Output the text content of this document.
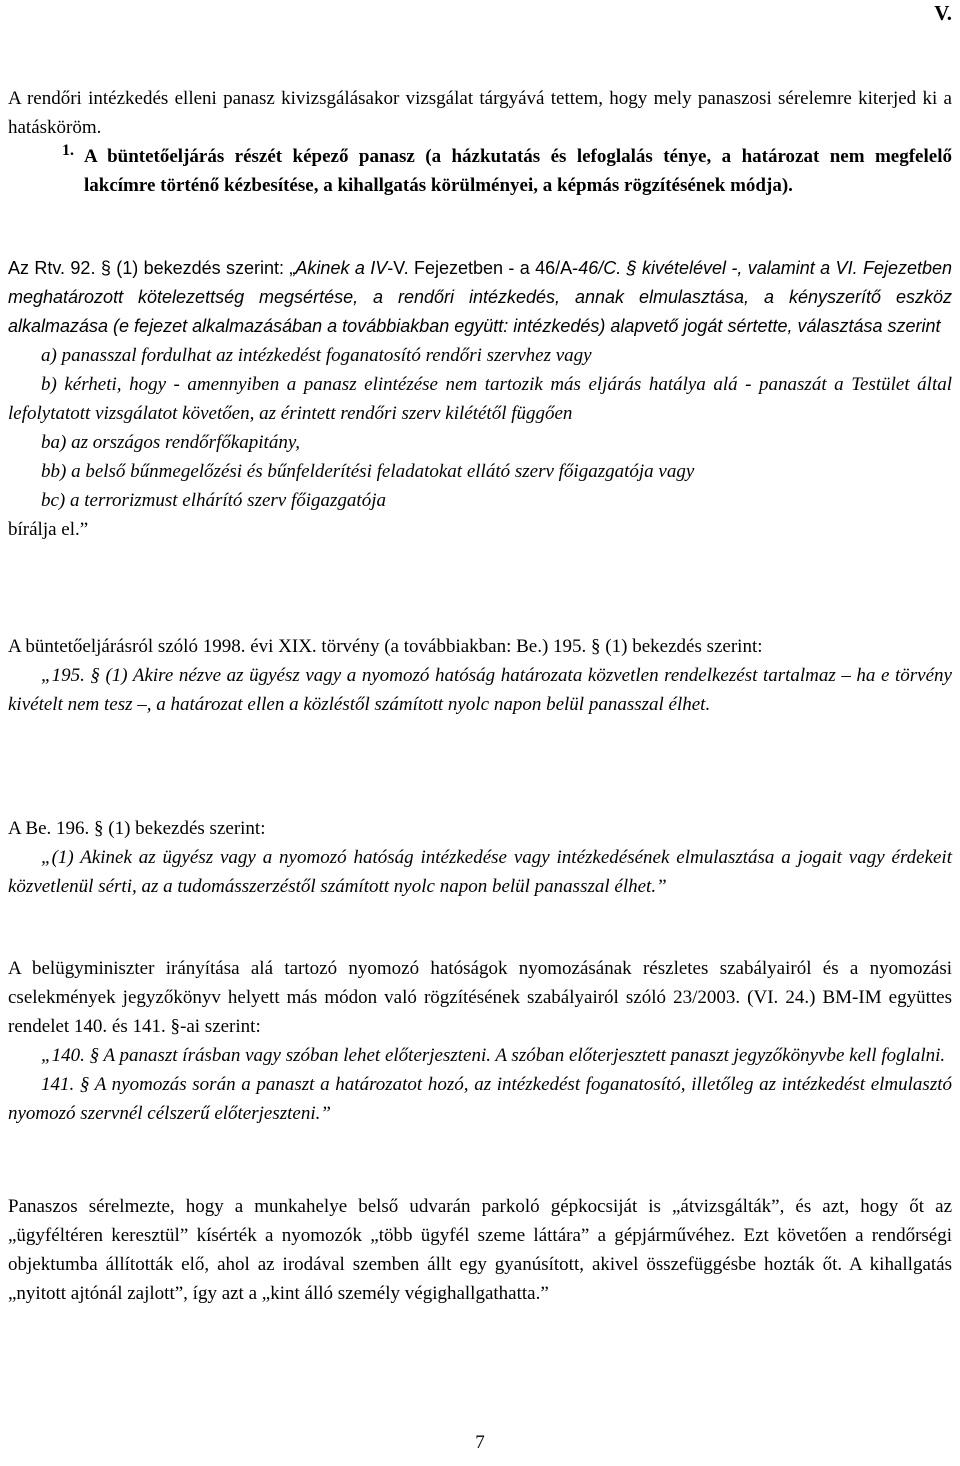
V.

A rendőri intézkedés elleni panasz kivizsgálásakor vizsgálat tárgyává tettem, hogy mely panaszosi sérelemre kiterjed ki a hatásköröm.

1. A büntetőeljárás részét képező panasz (a házkutatás és lefoglalás ténye, a határozat nem megfelelő lakcímre történő kézbesítése, a kihallgatás körülményei, a képmás rögzítésének módja).

Az Rtv. 92. § (1) bekezdés szerint: „Akinek a IV-V. Fejezetben - a 46/A-46/C. § kivételével -, valamint a VI. Fejezetben meghatározott kötelezettség megsértése, a rendőri intézkedés, annak elmulasztása, a kényszerítő eszköz alkalmazása (e fejezet alkalmazásában a továbbiakban együtt: intézkedés) alapvető jogát sértette, választása szerint

a) panasszal fordulhat az intézkedést foganatosító rendőri szervhez vagy

b) kérheti, hogy - amennyiben a panasz elintézése nem tartozik más eljárás hatálya alá - panaszát a Testület által lefolytatott vizsgálatot követően, az érintett rendőri szerv kilététől függően

ba) az országos rendőrfőkapitány,

bb) a belső bűnmegelőzési és bűnfelderítési feladatokat ellátó szerv főigazgatója vagy

bc) a terrorizmust elhárító szerv főigazgatója

bírálja el.”

A büntetőeljárásról szóló 1998. évi XIX. törvény (a továbbiakban: Be.) 195. § (1) bekezdés szerint:

„195. § (1) Akire nézve az ügyész vagy a nyomozó hatóság határozata közvetlen rendelkezést tartalmaz – ha e törvény kivételt nem tesz –, a határozat ellen a közléstől számított nyolc napon belül panasszal élhet.

A Be. 196. § (1) bekezdés szerint:

„(1) Akinek az ügyész vagy a nyomozó hatóság intézkedése vagy intézkedésének elmulasztása a jogait vagy érdekeit közvetlenül sérti, az a tudomásszerzéstől számított nyolc napon belül panasszal élhet.”

A belügyminiszter irányítása alá tartozó nyomozó hatóságok nyomozásának részletes szabályairól és a nyomozási cselekmények jegyzőkönyv helyett más módon való rögzítésének szabályairól szóló 23/2003. (VI. 24.) BM-IM együttes rendelet 140. és 141. §-ai szerint:

„140. § A panaszt írásban vagy szóban lehet előterjeszteni. A szóban előterjesztett panaszt jegyzőkönyvbe kell foglalni.

141. § A nyomozás során a panaszt a határozatot hozó, az intézkedést foganatosító, illetőleg az intézkedést elmulasztó nyomozó szervnél célszerű előterjeszteni.”

Panaszos sérelmezte, hogy a munkahelye belső udvarán parkoló gépkocsiját is „átvizsgálták”, és azt, hogy őt az „ügyféltéren keresztül” kísérték a nyomozók „több ügyfél szeme láttára” a gépjárművéhez. Ezt követően a rendőrségi objektumba állították elő, ahol az irodával szemben állt egy gyanúsított, akivel összefüggésbe hozták őt. A kihallgatás „nyitott ajtónál zajlott”, így azt a „kint álló személy végighallgathatta.”

7
